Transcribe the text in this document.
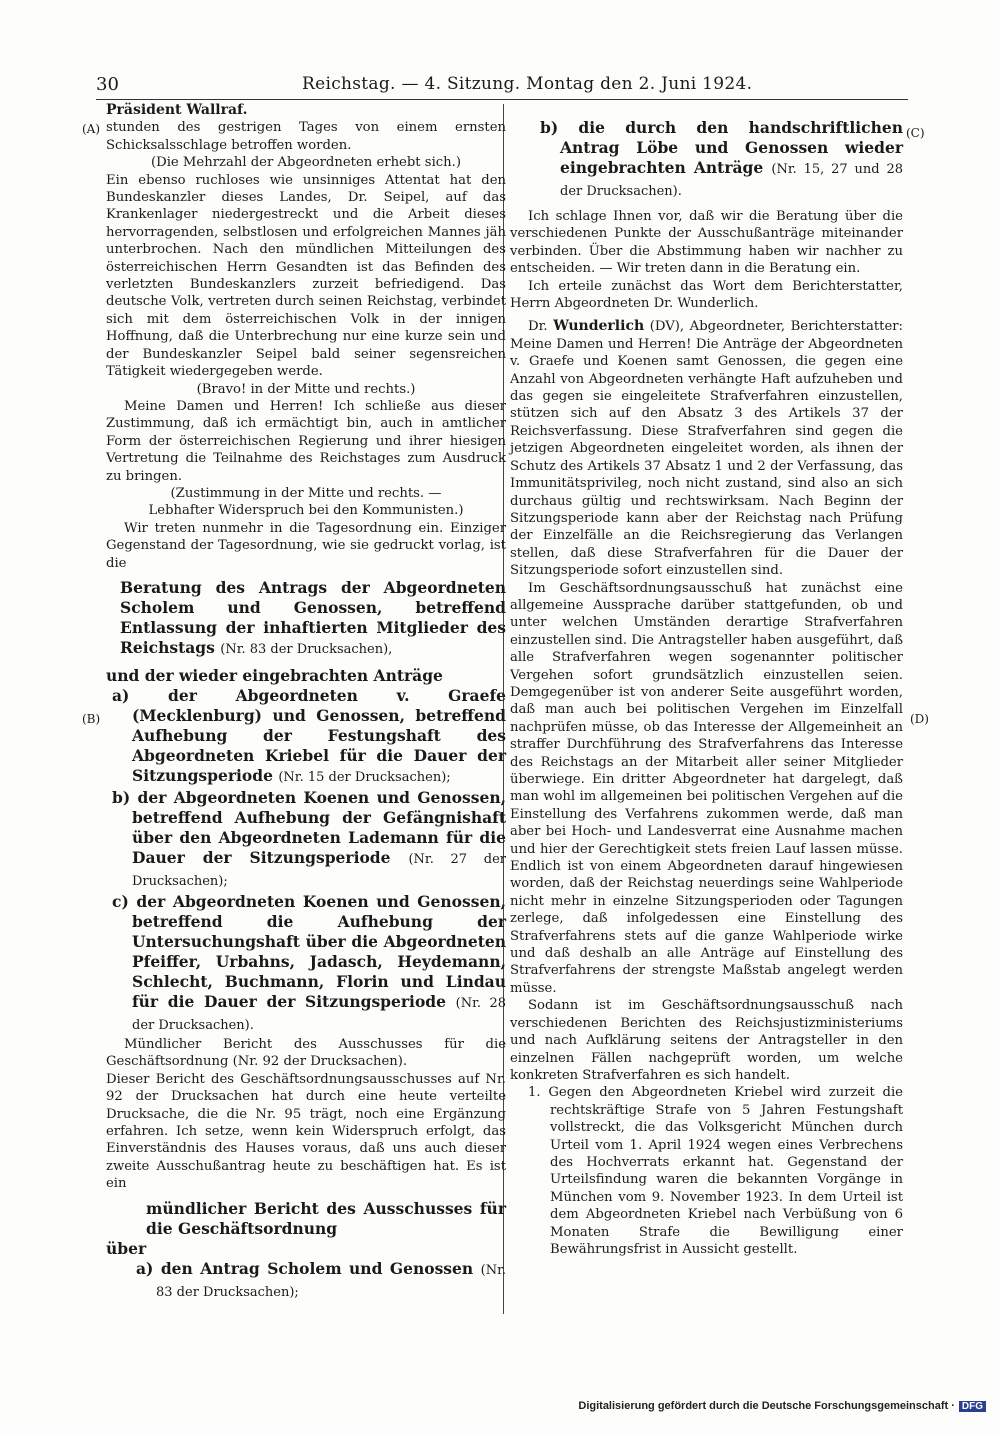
30	Reichstag. — 4. Sitzung. Montag den 2. Juni 1924.
(A)
(B)
(C)
(D)

Präsident Wallraf.

stunden des gestrigen Tages von einem ernsten Schicksalsschlage betroffen worden.

(Die Mehrzahl der Abgeordneten erhebt sich.)

Ein ebenso ruchloses wie unsinniges Attentat hat den Bundeskanzler dieses Landes, Dr. Seipel, auf das Krankenlager niedergestreckt und die Arbeit dieses hervorragenden, selbstlosen und erfolgreichen Mannes jäh unterbrochen. Nach den mündlichen Mitteilungen des österreichischen Herrn Gesandten ist das Befinden des verletzten Bundeskanzlers zurzeit befriedigend. Das deutsche Volk, vertreten durch seinen Reichstag, verbindet sich mit dem österreichischen Volk in der innigen Hoffnung, daß die Unterbrechung nur eine kurze sein und der Bundeskanzler Seipel bald seiner segensreichen Tätigkeit wiedergegeben werde.

(Bravo! in der Mitte und rechts.)

Meine Damen und Herren! Ich schließe aus dieser Zustimmung, daß ich ermächtigt bin, auch in amtlicher Form der österreichischen Regierung und ihrer hiesigen Vertretung die Teilnahme des Reichstages zum Ausdruck zu bringen.

(Zustimmung in der Mitte und rechts. —

Lebhafter Widerspruch bei den Kommunisten.)

Wir treten nunmehr in die Tagesordnung ein. Einziger Gegenstand der Tagesordnung, wie sie gedruckt vorlag, ist die

Beratung des Antrags der Abgeordneten Scholem und Genossen, betreffend Entlassung der inhaftierten Mitglieder des Reichstags (Nr. 83 der Drucksachen),

und der wieder eingebrachten Anträge

a) der Abgeordneten v. Graefe (Mecklenburg) und Genossen, betreffend Aufhebung der Festungshaft des Abgeordneten Kriebel für die Dauer der Sitzungsperiode (Nr. 15 der Drucksachen);

b) der Abgeordneten Koenen und Genossen, betreffend Aufhebung der Gefängnishaft über den Abgeordneten Lademann für die Dauer der Sitzungsperiode (Nr. 27 der Drucksachen);

c) der Abgeordneten Koenen und Genossen, betreffend die Aufhebung der Untersuchungshaft über die Abgeordneten Pfeiffer, Urbahns, Jadasch, Heydemann, Schlecht, Buchmann, Florin und Lindau für die Dauer der Sitzungsperiode (Nr. 28 der Drucksachen).

Mündlicher Bericht des Ausschusses für die Geschäftsordnung (Nr. 92 der Drucksachen).

Dieser Bericht des Geschäftsordnungsausschusses auf Nr. 92 der Drucksachen hat durch eine heute verteilte Drucksache, die die Nr. 95 trägt, noch eine Ergänzung erfahren. Ich setze, wenn kein Widerspruch erfolgt, das Einverständnis des Hauses voraus, daß uns auch dieser zweite Ausschußantrag heute zu beschäftigen hat. Es ist ein

mündlicher Bericht des Ausschusses für die Geschäftsordnung

über

a) den Antrag Scholem und Genossen (Nr. 83 der Drucksachen);

b) die durch den handschriftlichen Antrag Löbe und Genossen wieder eingebrachten Anträge (Nr. 15, 27 und 28 der Drucksachen).

Ich schlage Ihnen vor, daß wir die Beratung über die verschiedenen Punkte der Ausschußanträge miteinander verbinden. Über die Abstimmung haben wir nachher zu entscheiden. — Wir treten dann in die Beratung ein.

Ich erteile zunächst das Wort dem Berichterstatter, Herrn Abgeordneten Dr. Wunderlich.

Dr. Wunderlich (DV), Abgeordneter, Berichterstatter: Meine Damen und Herren! Die Anträge der Abgeordneten v. Graefe und Koenen samt Genossen, die gegen eine Anzahl von Abgeordneten verhängte Haft aufzuheben und das gegen sie eingeleitete Strafverfahren einzustellen, stützen sich auf den Absatz 3 des Artikels 37 der Reichsverfassung. Diese Strafverfahren sind gegen die jetzigen Abgeordneten eingeleitet worden, als ihnen der Schutz des Artikels 37 Absatz 1 und 2 der Verfassung, das Immunitätsprivileg, noch nicht zustand, sind also an sich durchaus gültig und rechtswirksam. Nach Beginn der Sitzungsperiode kann aber der Reichstag nach Prüfung der Einzelfälle an die Reichsregierung das Verlangen stellen, daß diese Strafverfahren für die Dauer der Sitzungsperiode sofort einzustellen sind.

Im Geschäftsordnungsausschuß hat zunächst eine allgemeine Aussprache darüber stattgefunden, ob und unter welchen Umständen derartige Strafverfahren einzustellen sind. Die Antragsteller haben ausgeführt, daß alle Strafverfahren wegen sogenannter politischer Vergehen sofort grundsätzlich einzustellen seien. Demgegenüber ist von anderer Seite ausgeführt worden, daß man auch bei politischen Vergehen im Einzelfall nachprüfen müsse, ob das Interesse der Allgemeinheit an straffer Durchführung des Strafverfahrens das Interesse des Reichstags an der Mitarbeit aller seiner Mitglieder überwiege. Ein dritter Abgeordneter hat dargelegt, daß man wohl im allgemeinen bei politischen Vergehen auf die Einstellung des Verfahrens zukommen werde, daß man aber bei Hoch- und Landesverrat eine Ausnahme machen und hier der Gerechtigkeit stets freien Lauf lassen müsse. Endlich ist von einem Abgeordneten darauf hingewiesen worden, daß der Reichstag neuerdings seine Wahlperiode nicht mehr in einzelne Sitzungsperioden oder Tagungen zerlege, daß infolgedessen eine Einstellung des Strafverfahrens stets auf die ganze Wahlperiode wirke und daß deshalb an alle Anträge auf Einstellung des Strafverfahrens der strengste Maßstab angelegt werden müsse.

Sodann ist im Geschäftsordnungsausschuß nach verschiedenen Berichten des Reichsjustizministeriums und nach Aufklärung seitens der Antragsteller in den einzelnen Fällen nachgeprüft worden, um welche konkreten Strafverfahren es sich handelt.

1. Gegen den Abgeordneten Kriebel wird zurzeit die rechtskräftige Strafe von 5 Jahren Festungshaft vollstreckt, die das Volksgericht München durch Urteil vom 1. April 1924 wegen eines Verbrechens des Hochverrats erkannt hat. Gegenstand der Urteilsfindung waren die bekannten Vorgänge in München vom 9. November 1923. In dem Urteil ist dem Abgeordneten Kriebel nach Verbüßung von 6 Monaten Strafe die Bewilligung einer Bewährungsfrist in Aussicht gestellt.

Digitalisierung gefördert durch die Deutsche Forschungsgemeinschaft · DFG
